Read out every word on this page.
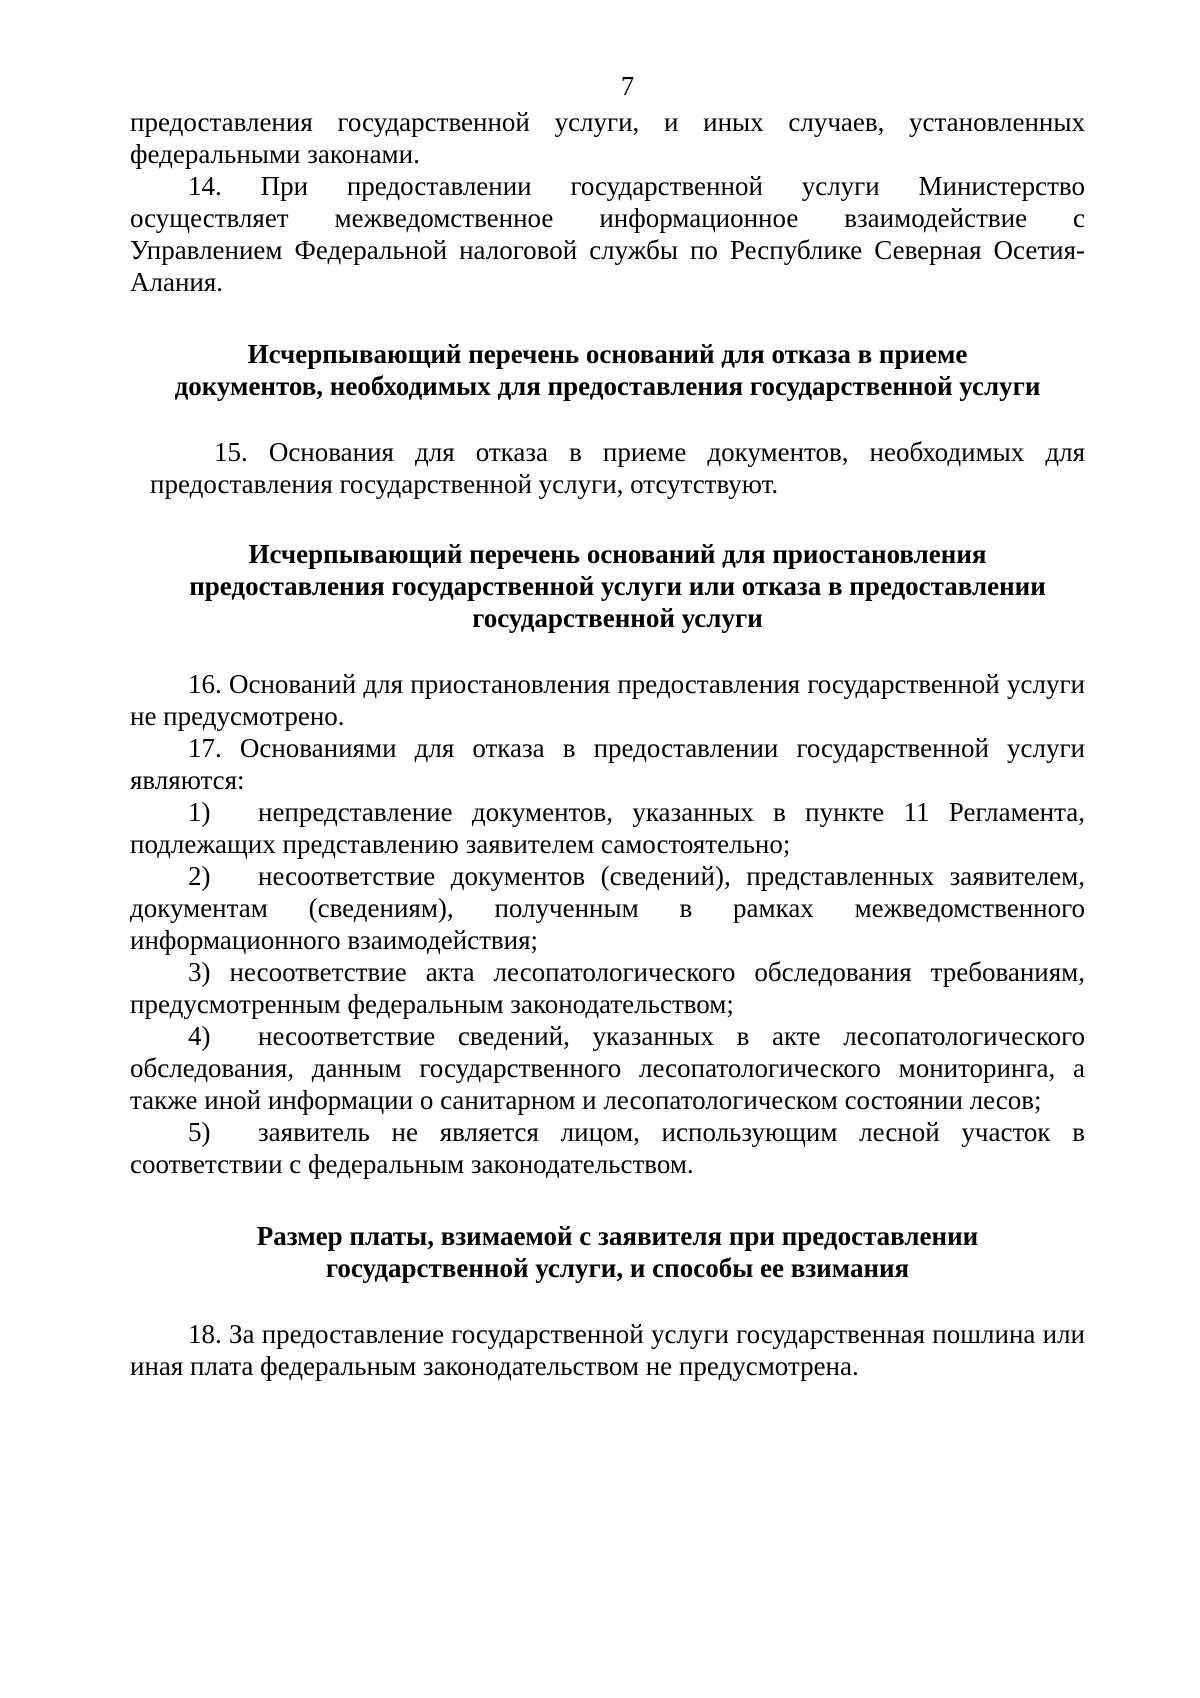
7

предоставления государственной услуги, и иных случаев, установленных федеральными законами.

14. При предоставлении государственной услуги Министерство осуществляет межведомственное информационное взаимодействие с Управлением Федеральной налоговой службы по Республике Северная Осетия-Алания.

Исчерпывающий перечень оснований для отказа в приеме
документов, необходимых для предоставления государственной услуги

15. Основания для отказа в приеме документов, необходимых для предоставления государственной услуги, отсутствуют.

Исчерпывающий перечень оснований для приостановления
предоставления государственной услуги или отказа в предоставлении
государственной услуги

16. Оснований для приостановления предоставления государственной услуги не предусмотрено.

17. Основаниями для отказа в предоставлении государственной услуги являются:

1) непредставление документов, указанных в пункте 11 Регламента, подлежащих представлению заявителем самостоятельно;

2) несоответствие документов (сведений), представленных заявителем, документам (сведениям), полученным в рамках межведомственного информационного взаимодействия;

3) несоответствие акта лесопатологического обследования требованиям, предусмотренным федеральным законодательством;

4) несоответствие сведений, указанных в акте лесопатологического обследования, данным государственного лесопатологического мониторинга, а также иной информации о санитарном и лесопатологическом состоянии лесов;

5) заявитель не является лицом, использующим лесной участок в соответствии с федеральным законодательством.

Размер платы, взимаемой с заявителя при предоставлении
государственной услуги, и способы ее взимания

18. За предоставление государственной услуги государственная пошлина или иная плата федеральным законодательством не предусмотрена.
